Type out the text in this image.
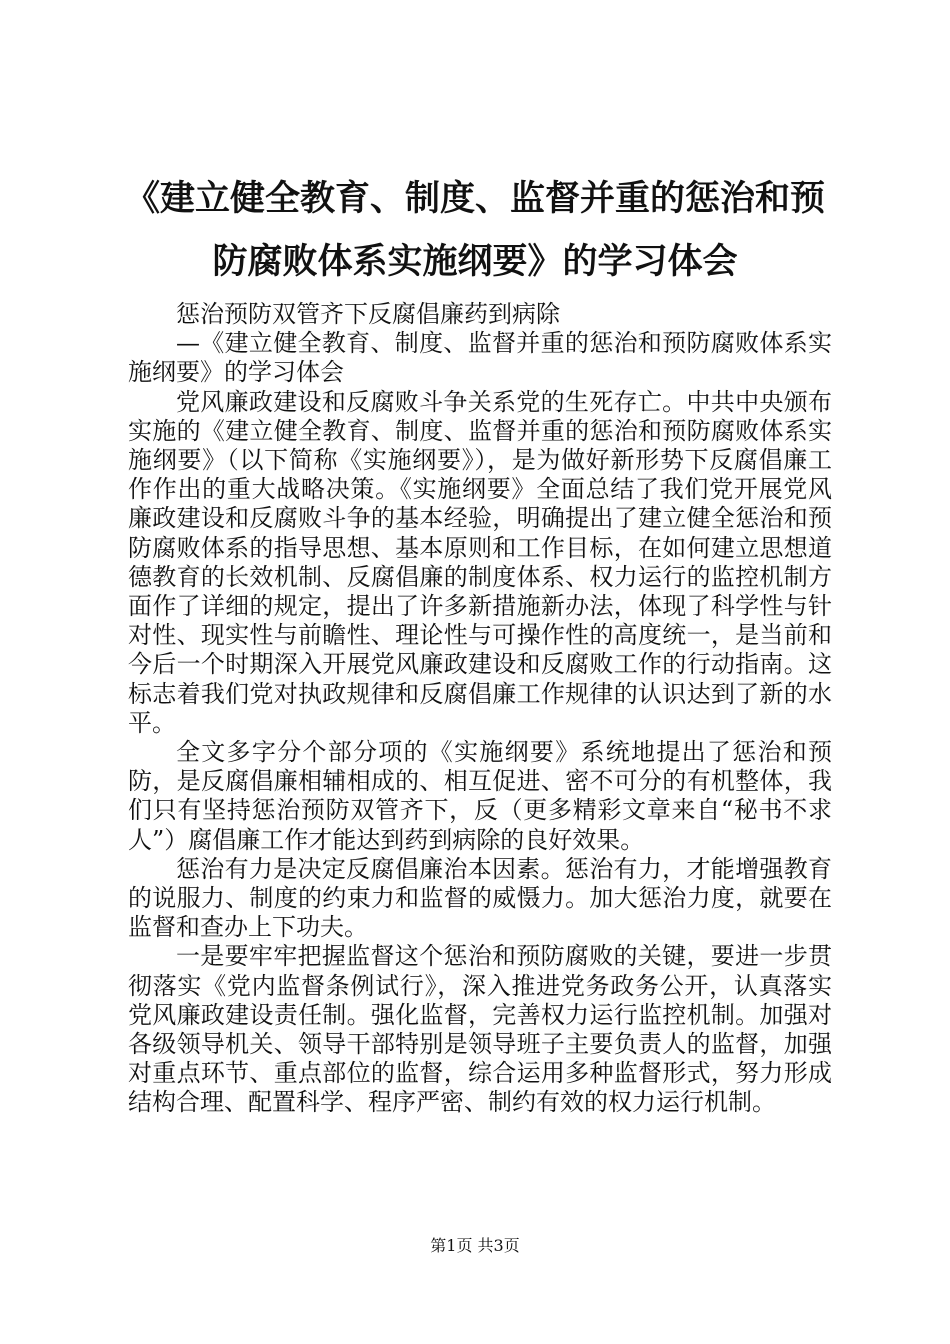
《建立健全教育、制度、监督并重的惩治和预
防腐败体系实施纲要》的学习体会

惩治预防双管齐下反腐倡廉药到病除

—《建立健全教育、制度、监督并重的惩治和预防腐败体系实施纲要》的学习体会

党风廉政建设和反腐败斗争关系党的生死存亡。中共中央颁布实施的《建立健全教育、制度、监督并重的惩治和预防腐败体系实施纲要》（以下简称《实施纲要》），是为做好新形势下反腐倡廉工作作出的重大战略决策。《实施纲要》全面总结了我们党开展党风廉政建设和反腐败斗争的基本经验，明确提出了建立健全惩治和预防腐败体系的指导思想、基本原则和工作目标，在如何建立思想道德教育的长效机制、反腐倡廉的制度体系、权力运行的监控机制方面作了详细的规定，提出了许多新措施新办法，体现了科学性与针对性、现实性与前瞻性、理论性与可操作性的高度统一，是当前和今后一个时期深入开展党风廉政建设和反腐败工作的行动指南。这标志着我们党对执政规律和反腐倡廉工作规律的认识达到了新的水平。

全文多字分个部分项的《实施纲要》系统地提出了惩治和预防，是反腐倡廉相辅相成的、相互促进、密不可分的有机整体，我们只有坚持惩治预防双管齐下，反（更多精彩文章来自“秘书不求人”）腐倡廉工作才能达到药到病除的良好效果。

惩治有力是决定反腐倡廉治本因素。惩治有力，才能增强教育的说服力、制度的约束力和监督的威慑力。加大惩治力度，就要在监督和查办上下功夫。

一是要牢牢把握监督这个惩治和预防腐败的关键，要进一步贯彻落实《党内监督条例试行》，深入推进党务政务公开，认真落实党风廉政建设责任制。强化监督，完善权力运行监控机制。加强对各级领导机关、领导干部特别是领导班子主要负责人的监督，加强对重点环节、重点部位的监督，综合运用多种监督形式，努力形成结构合理、配置科学、程序严密、制约有效的权力运行机制。

第1页 共3页
